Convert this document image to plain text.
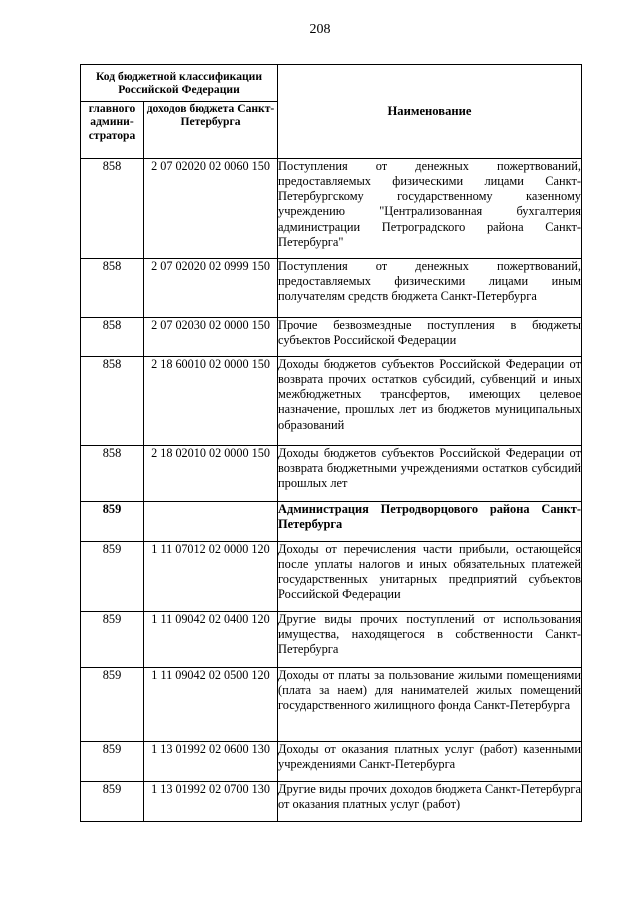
208
Код бюджетной классификации Российской Федерации		Наименование
главного админи-стратора	доходов бюджета Санкт-Петербурга	
858	2 07 02020 02 0060 150	Поступления от денежных пожертвований, предоставляемых физическими лицами Санкт-Петербургскому государственному казенному учреждению "Централизованная бухгалтерия администрации Петроградского района Санкт-Петербурга"
858	2 07 02020 02 0999 150	Поступления от денежных пожертвований, предоставляемых физическими лицами иным получателям средств бюджета Санкт-Петербурга
858	2 07 02030 02 0000 150	Прочие безвозмездные поступления в бюджеты субъектов Российской Федерации
858	2 18 60010 02 0000 150	Доходы бюджетов субъектов Российской Федерации от возврата прочих остатков субсидий, субвенций и иных межбюджетных трансфертов, имеющих целевое назначение, прошлых лет из бюджетов муниципальных образований
858	2 18 02010 02 0000 150	Доходы бюджетов субъектов Российской Федерации от возврата бюджетными учреждениями остатков субсидий прошлых лет
859		Администрация Петродворцового района Санкт-Петербурга
859	1 11 07012 02 0000 120	Доходы от перечисления части прибыли, остающейся после уплаты налогов и иных обязательных платежей государственных унитарных предприятий субъектов Российской Федерации
859	1 11 09042 02 0400 120	Другие виды прочих поступлений от использования имущества, находящегося в собственности Санкт-Петербурга
859	1 11 09042 02 0500 120	Доходы от платы за пользование жилыми помещениями (плата за наем) для нанимателей жилых помещений государственного жилищного фонда Санкт-Петербурга
859	1 13 01992 02 0600 130	Доходы от оказания платных услуг (работ) казенными учреждениями Санкт-Петербурга
859	1 13 01992 02 0700 130	Другие виды прочих доходов бюджета Санкт-Петербурга от оказания платных услуг (работ)
